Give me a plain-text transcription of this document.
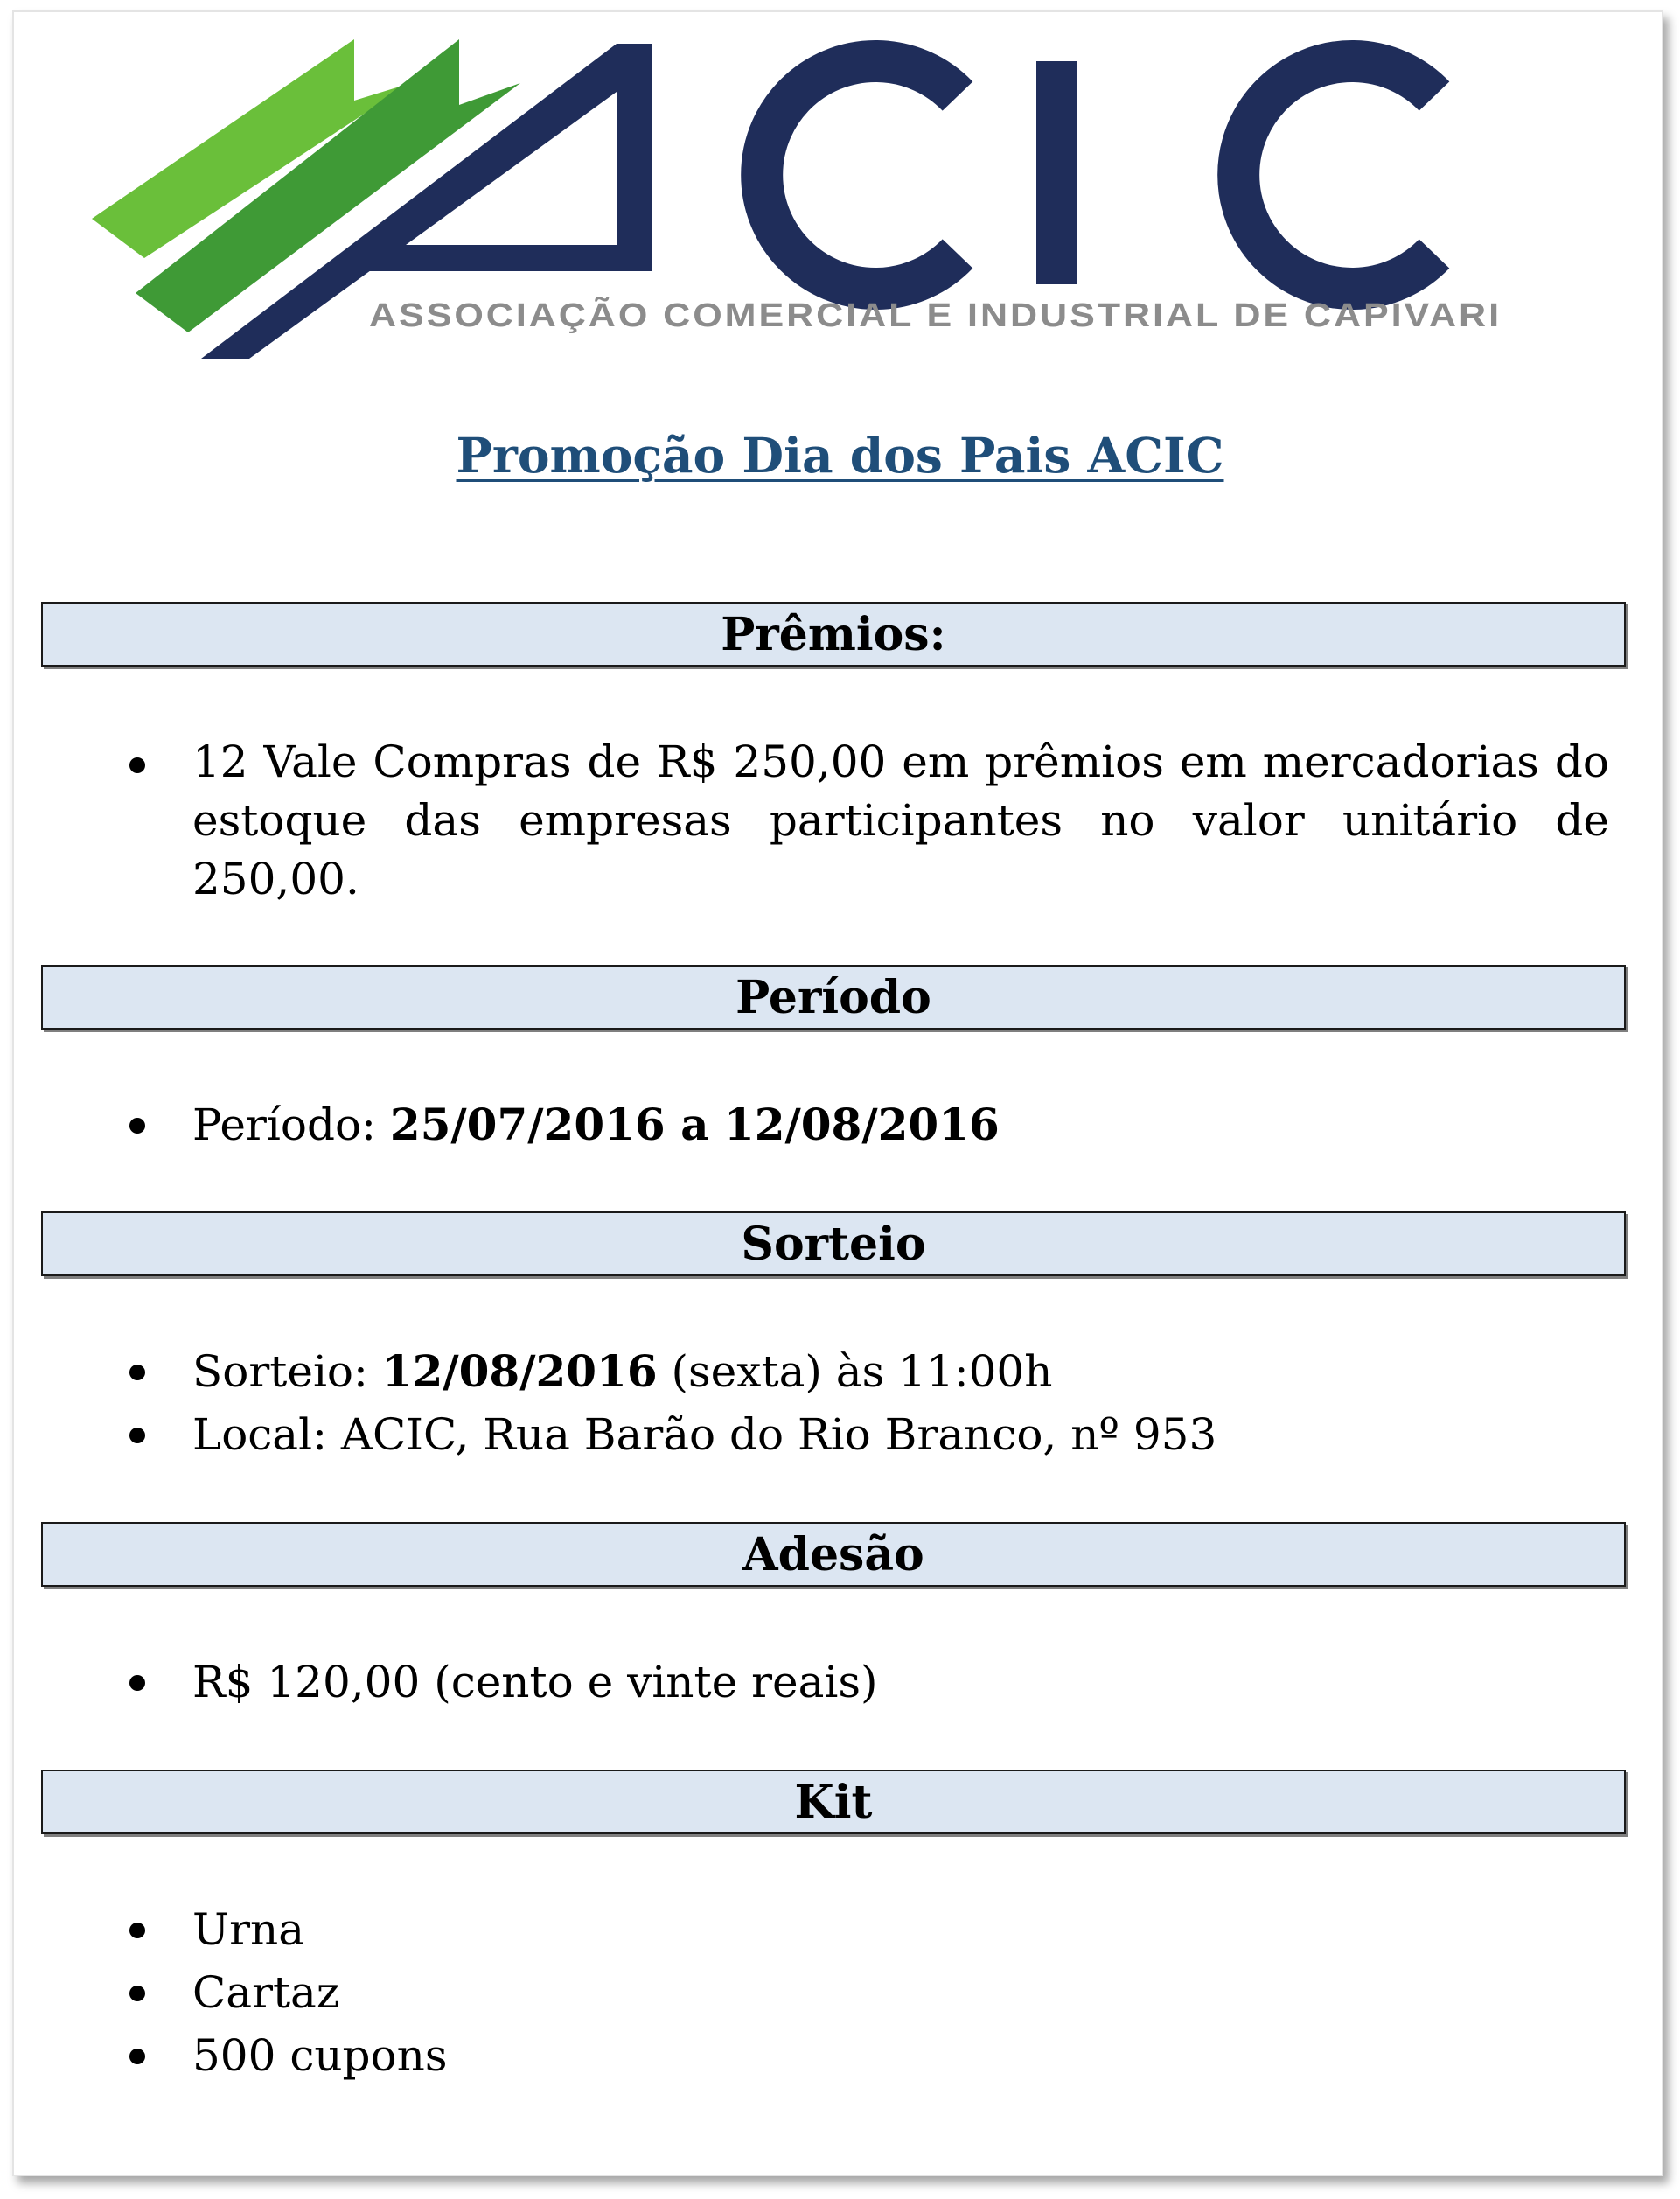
ASSOCIAÇÃO COMERCIAL E INDUSTRIAL DE CAPIVARI
Promoção Dia dos Pais ACIC
Prêmios:
12 Vale Compras de R$ 250,00 em prêmios em mercadorias do estoque das empresas participantes no valor unitário de 250,00.
Período
Período: 25/07/2016 a 12/08/2016
Sorteio
Sorteio: 12/08/2016 (sexta) às 11:00h
Local: ACIC, Rua Barão do Rio Branco, nº 953
Adesão
R$ 120,00 (cento e vinte reais)
Kit
Urna
Cartaz
500 cupons
